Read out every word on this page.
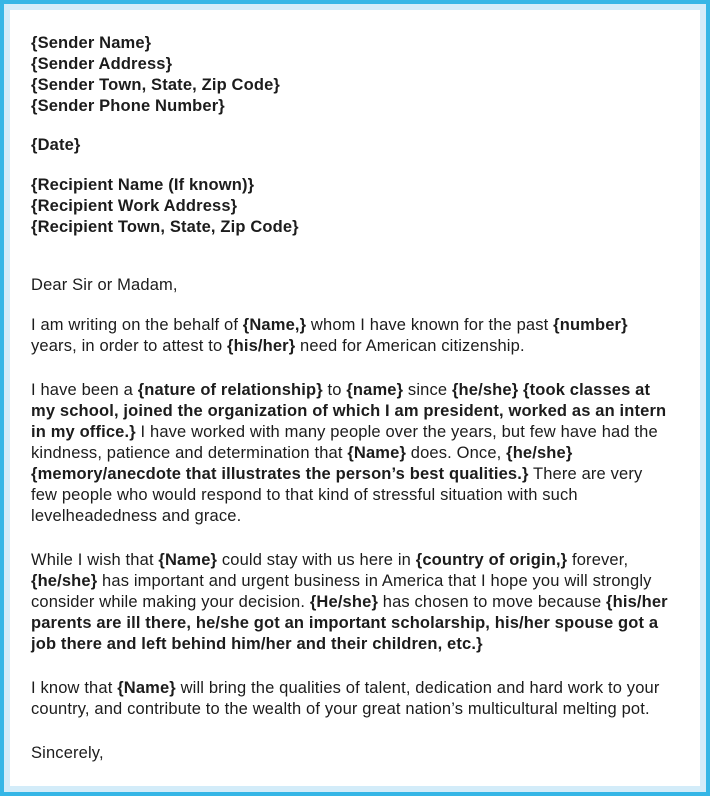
{Sender Name}
{Sender Address}
{Sender Town, State, Zip Code}
{Sender Phone Number}
{Date}
{Recipient Name (If known)}
{Recipient Work Address}
{Recipient Town, State, Zip Code}
Dear Sir or Madam,

I am writing on the behalf of {Name,} whom I have known for the past {number} years, in order to attest to {his/her} need for American citizenship.

I have been a {nature of relationship} to {name} since {he/she} {took classes at my school, joined the organization of which I am president, worked as an intern in my office.} I have worked with many people over the years, but few have had the kindness, patience and determination that {Name} does. Once, {he/she} {memory/anecdote that illustrates the person’s best qualities.} There are very few people who would respond to that kind of stressful situation with such levelheadedness and grace.

While I wish that {Name} could stay with us here in {country of origin,} forever, {he/she} has important and urgent business in America that I hope you will strongly consider while making your decision. {He/she} has chosen to move because {his/her parents are ill there, he/she got an important scholarship, his/her spouse got a job there and left behind him/her and their children, etc.}

I know that {Name} will bring the qualities of talent, dedication and hard work to your country, and contribute to the wealth of your great nation’s multicultural melting pot.

Sincerely,
